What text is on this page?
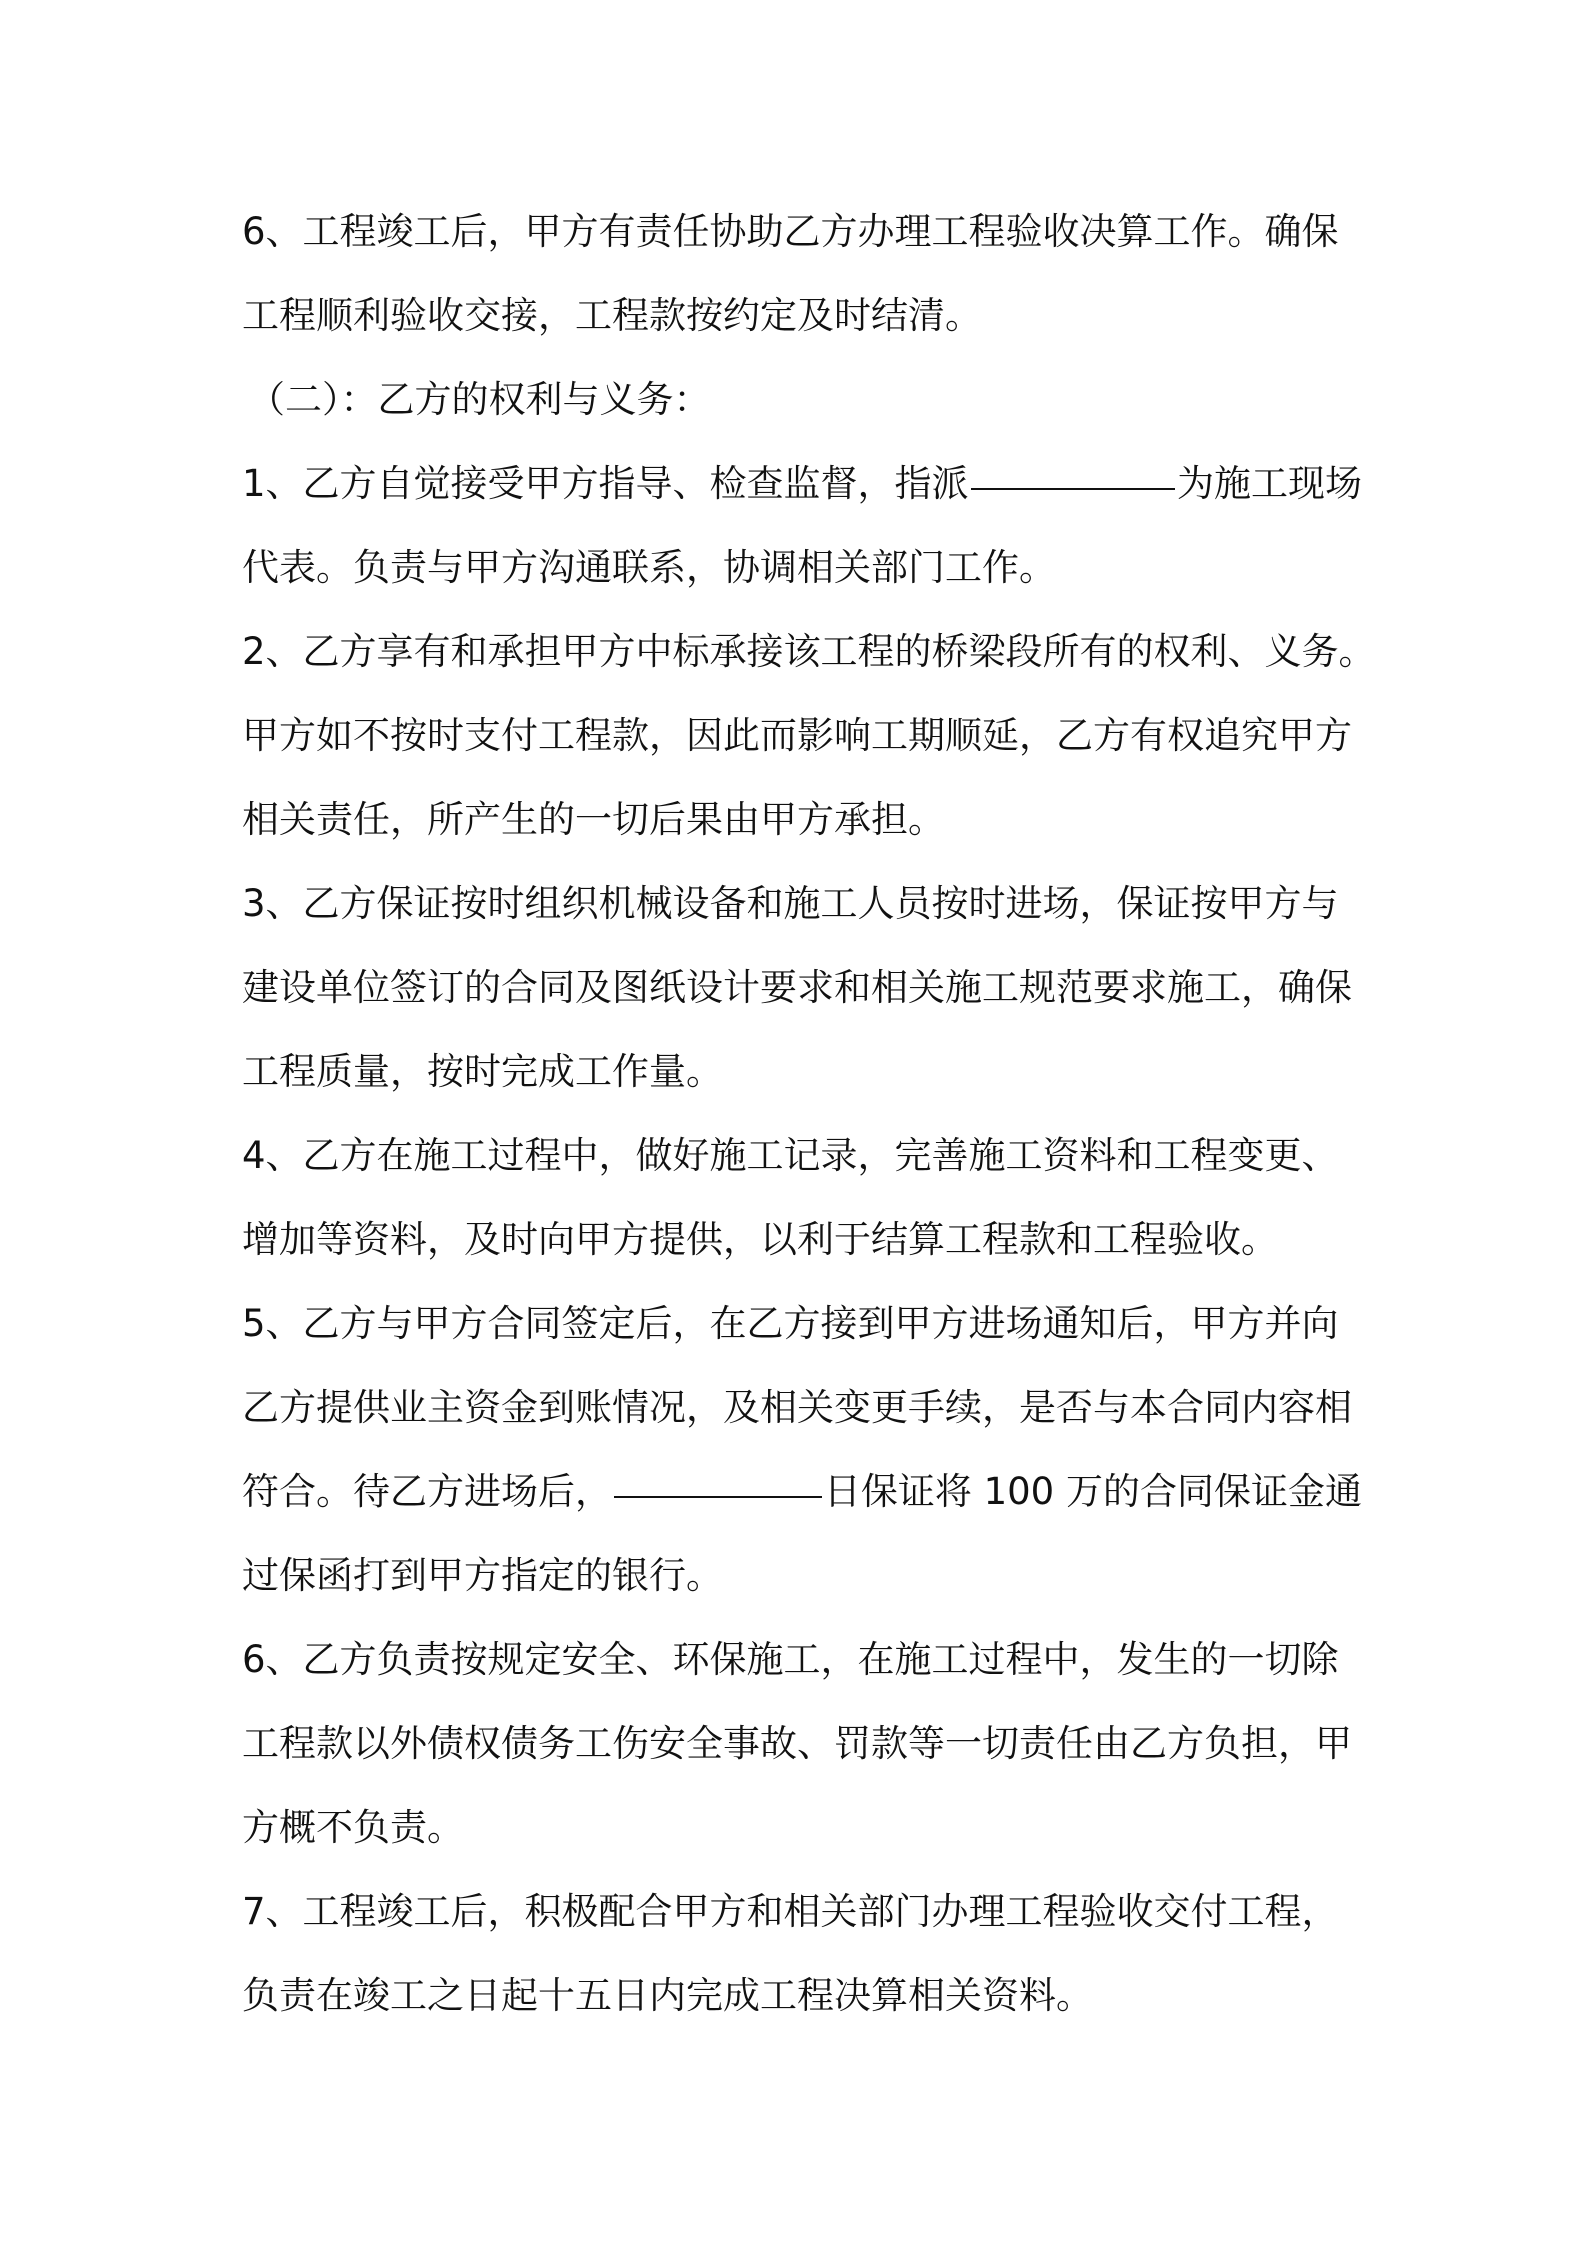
6、工程竣工后，甲方有责任协助乙方办理工程验收决算工作。确保
工程顺利验收交接，工程款按约定及时结清。
（二）：乙方的权利与义务：
1、乙方自觉接受甲方指导、检查监督，指派	为施工现场
代表。负责与甲方沟通联系，协调相关部门工作。
2、乙方享有和承担甲方中标承接该工程的桥梁段所有的权利、义务。
甲方如不按时支付工程款，因此而影响工期顺延，乙方有权追究甲方
相关责任，所产生的一切后果由甲方承担。
3、乙方保证按时组织机械设备和施工人员按时进场，保证按甲方与
建设单位签订的合同及图纸设计要求和相关施工规范要求施工，确保
工程质量，按时完成工作量。
4、乙方在施工过程中，做好施工记录，完善施工资料和工程变更、
增加等资料，及时向甲方提供，以利于结算工程款和工程验收。
5、乙方与甲方合同签定后，在乙方接到甲方进场通知后，甲方并向
乙方提供业主资金到账情况，及相关变更手续，是否与本合同内容相
符合。待乙方进场后，	日保证将 100 万的合同保证金通
过保函打到甲方指定的银行。
6、乙方负责按规定安全、环保施工，在施工过程中，发生的一切除
工程款以外债权债务工伤安全事故、罚款等一切责任由乙方负担，甲
方概不负责。
7、工程竣工后，积极配合甲方和相关部门办理工程验收交付工程，
负责在竣工之日起十五日内完成工程决算相关资料。
